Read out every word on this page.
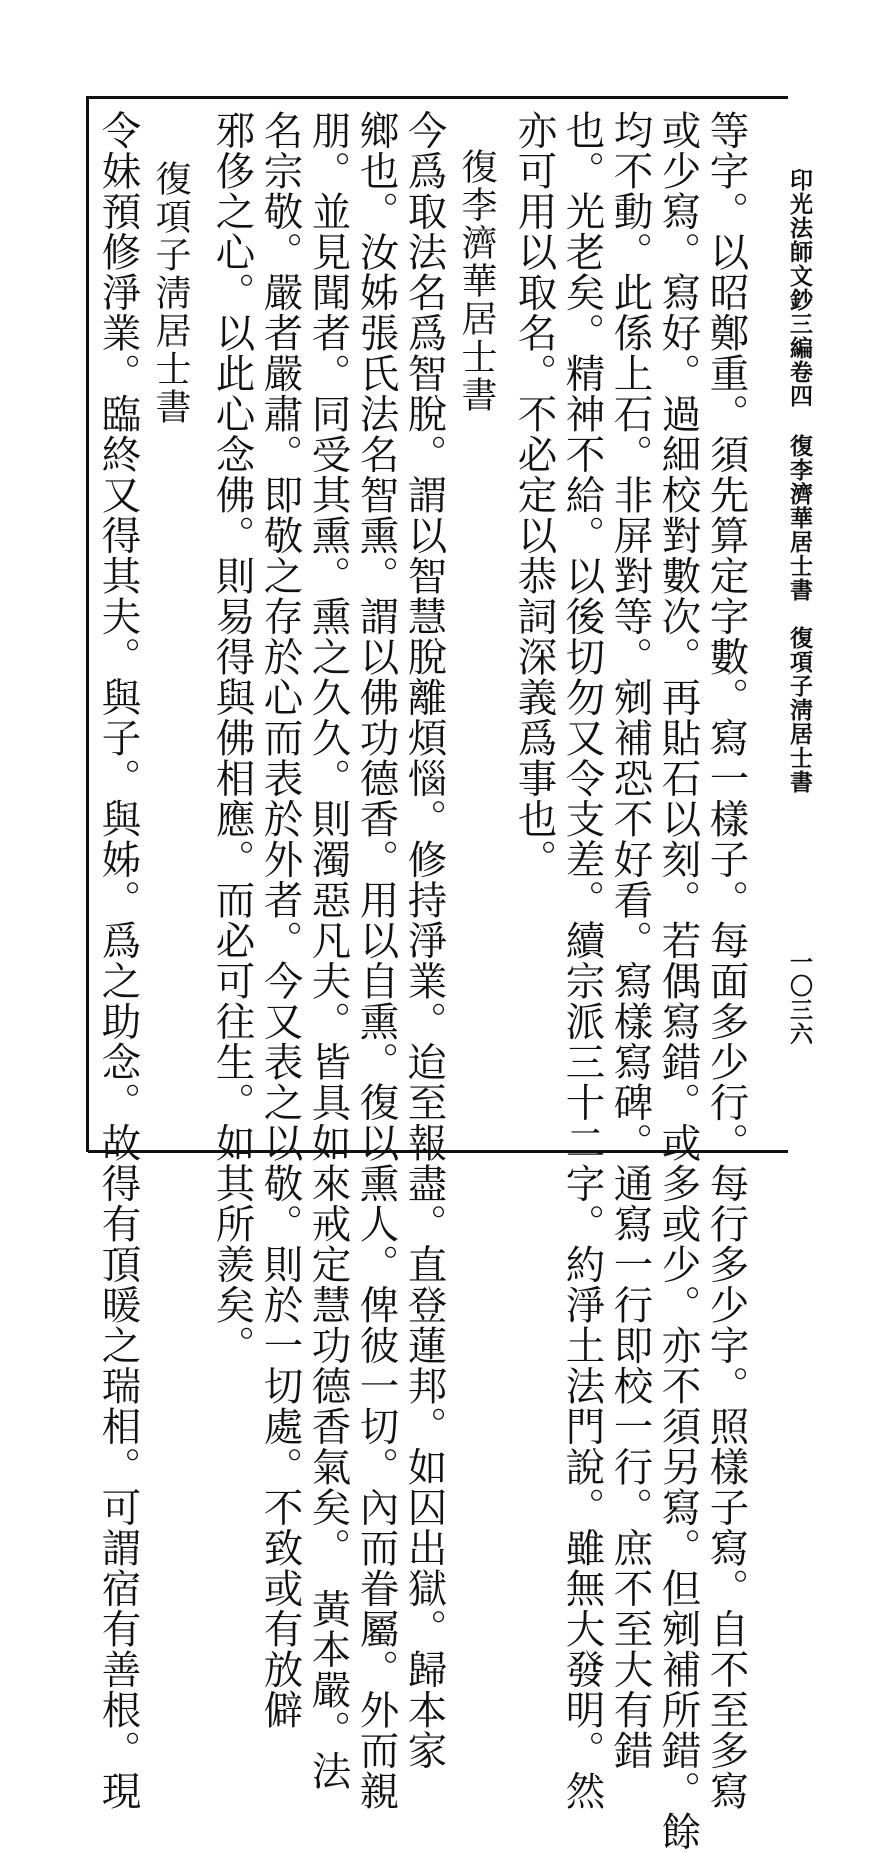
印光法師文鈔三編卷四
復李濟華居士書　復項子淸居士書
一〇三六
等字。以昭鄭重。須先算定字數。寫一樣子。每面多少行。每行多少字。照樣子寫。自不至多寫
或少寫。寫好。過細校對數次。再貼石以刻。若偶寫錯。或多或少。亦不須另寫。但剜補所錯。餘
均不動。此係上石。非屏對等。剜補恐不好看。寫樣寫碑。通寫一行即校一行。庶不至大有錯
也。光老矣。精神不給。以後切勿又令支差。續宗派三十二字。約淨土法門說。雖無大發明。然
亦可用以取名。不必定以恭詞深義爲事也。
復李濟華居士書
今爲取法名爲智脫。謂以智慧脫離煩惱。修持淨業。迨至報盡。直登蓮邦。如囚出獄。歸本家
鄉也。汝姊張氏法名智熏。謂以佛功德香。用以自熏。復以熏人。俾彼一切。內而眷屬。外而親
朋。並見聞者。同受其熏。熏之久久。則濁惡凡夫。皆具如來戒定慧功德香氣矣。　黃本嚴。法
名宗敬。嚴者嚴肅。即敬之存於心而表於外者。今又表之以敬。則於一切處。不致或有放僻
邪侈之心。以此心念佛。則易得與佛相應。而必可往生。如其所羨矣。
復項子淸居士書
令妹預修淨業。臨終又得其夫。與子。與姊。爲之助念。故得有頂暖之瑞相。可謂宿有善根。現
